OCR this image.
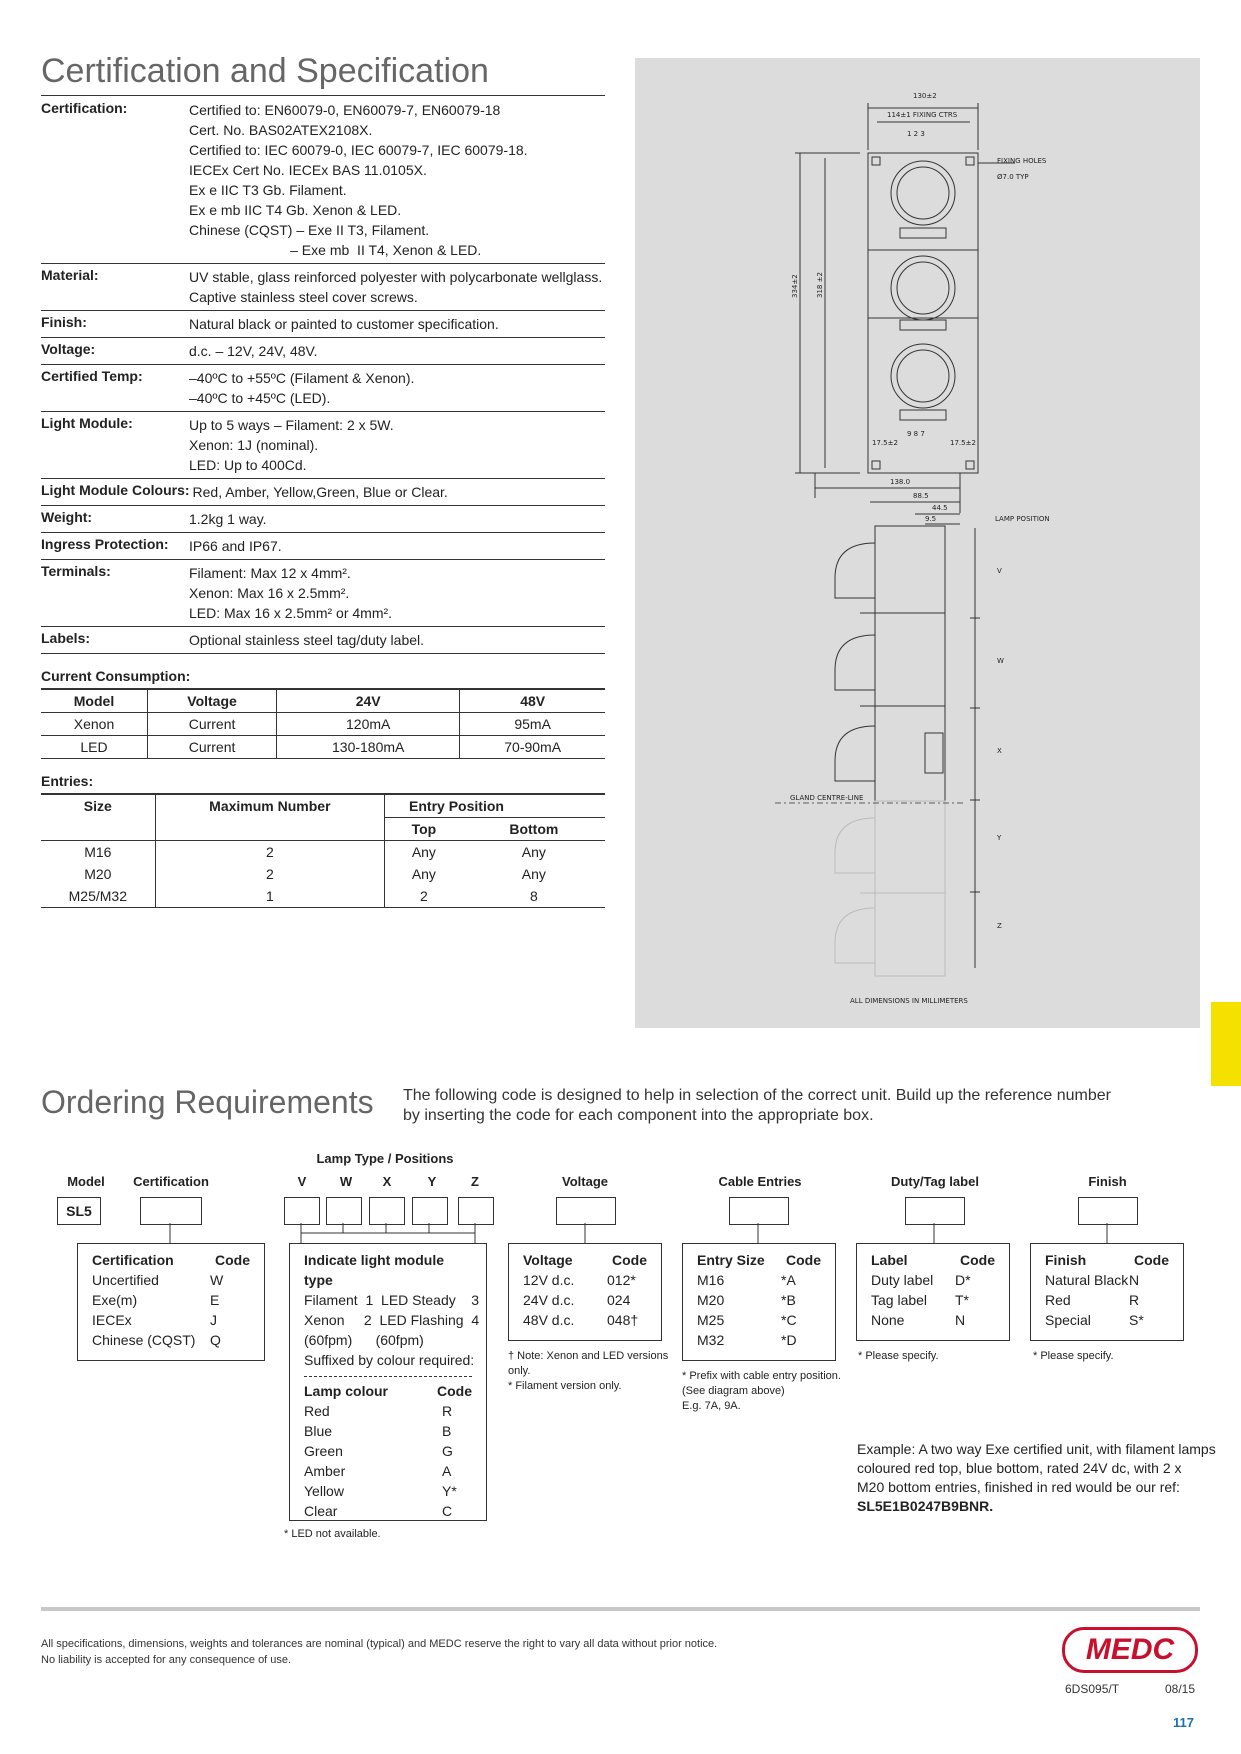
Certification and Specification
Certification:	Certified to: EN60079-0, EN60079-7, EN60079-18
Cert. No. BAS02ATEX2108X.
Certified to: IEC 60079-0, IEC 60079-7, IEC 60079-18.
IECEx Cert No. IECEx BAS 11.0105X.
Ex e IIC T3 Gb. Filament.
Ex e mb IIC T4 Gb. Xenon & LED.
Chinese (CQST) – Exe II T3, Filament.
– Exe mb  II T4, Xenon & LED.
Material:	UV stable, glass reinforced polyester with polycarbonate wellglass.
Captive stainless steel cover screws.
Finish:	Natural black or painted to customer specification.
Voltage:	d.c. – 12V, 24V, 48V.
Certified Temp:	–40ºC to +55ºC (Filament & Xenon).
–40ºC to +45ºC (LED).
Light Module:	Up to 5 ways – Filament: 2 x 5W.
Xenon: 1J (nominal).
LED: Up to 400Cd.
Light Module Colours: Red, Amber, Yellow,Green, Blue or Clear.
Weight:	1.2kg 1 way.
Ingress Protection:	IP66 and IP67.
Terminals:	Filament: Max 12 x 4mm².
Xenon: Max 16 x 2.5mm².
LED: Max 16 x 2.5mm² or 4mm².
Labels:	Optional stainless steel tag/duty label.
Current Consumption:
Model	Voltage	24V	48V
Xenon	Current	120mA	95mA
LED	Current	130-180mA	70-90mA
Entries:
Size	Maximum Number	Entry Position	
		Top	Bottom
M16	2	Any	Any
M20	2	Any	Any
M25/M32	1	2	8
130±2
114±1 FIXING CTRS
1 2 3
FIXING HOLES
Ø7.0 TYP
334±2 318 ±2
9 8 7
17.5±2	17.5±2
138.0
88.5
44.5
9.5	LAMP POSITION
V
W
X
Y
Z
GLAND CENTRE-LINE
ALL DIMENSIONS IN MILLIMETERS
Ordering Requirements The following code is designed to help in selection of the correct unit. Build up the reference number
by inserting the code for each component into the appropriate box.
Lamp Type / Positions
Model	Certification	V	W	X	Y	Z	Voltage	Cable Entries	Duty/Tag label	Finish
SL5
Certification	Code
Uncertified	W
Exe(m)	E
IECEx	J
Chinese (CQST) Q
Indicate light module type
Filament  1  LED Steady    3
Xenon     2  LED Flashing  4
(60fpm)      (60fpm)
Suffixed by colour required:
Lamp colour	Code
Red	R
Blue	B
Green	G
Amber	A
Yellow	Y*
Clear	C
* LED not available.
Voltage	Code
12V d.c. 012*
24V d.c. 024
48V d.c. 048†
† Note: Xenon and LED versions
only.
* Filament version only.
Entry Size Code
M16	*A
M20	*B
M25	*C
M32	*D
* Prefix with cable entry position.
(See diagram above)
E.g. 7A, 9A.
Label	Code
Duty label D*
Tag label T*
None	N
* Please specify.
Finish	Code
Natural Black N
Red	R
Special	S*
* Please specify.
Example: A two way Exe certified unit, with filament lamps
coloured red top, blue bottom, rated 24V dc, with 2 x
M20 bottom entries, finished in red would be our ref:
SL5E1B0247B9BNR.
All specifications, dimensions, weights and tolerances are nominal (typical) and MEDC reserve the right to vary all data without prior notice.
No liability is accepted for any consequence of use.	MEDC
6DS095/T	08/15
117
